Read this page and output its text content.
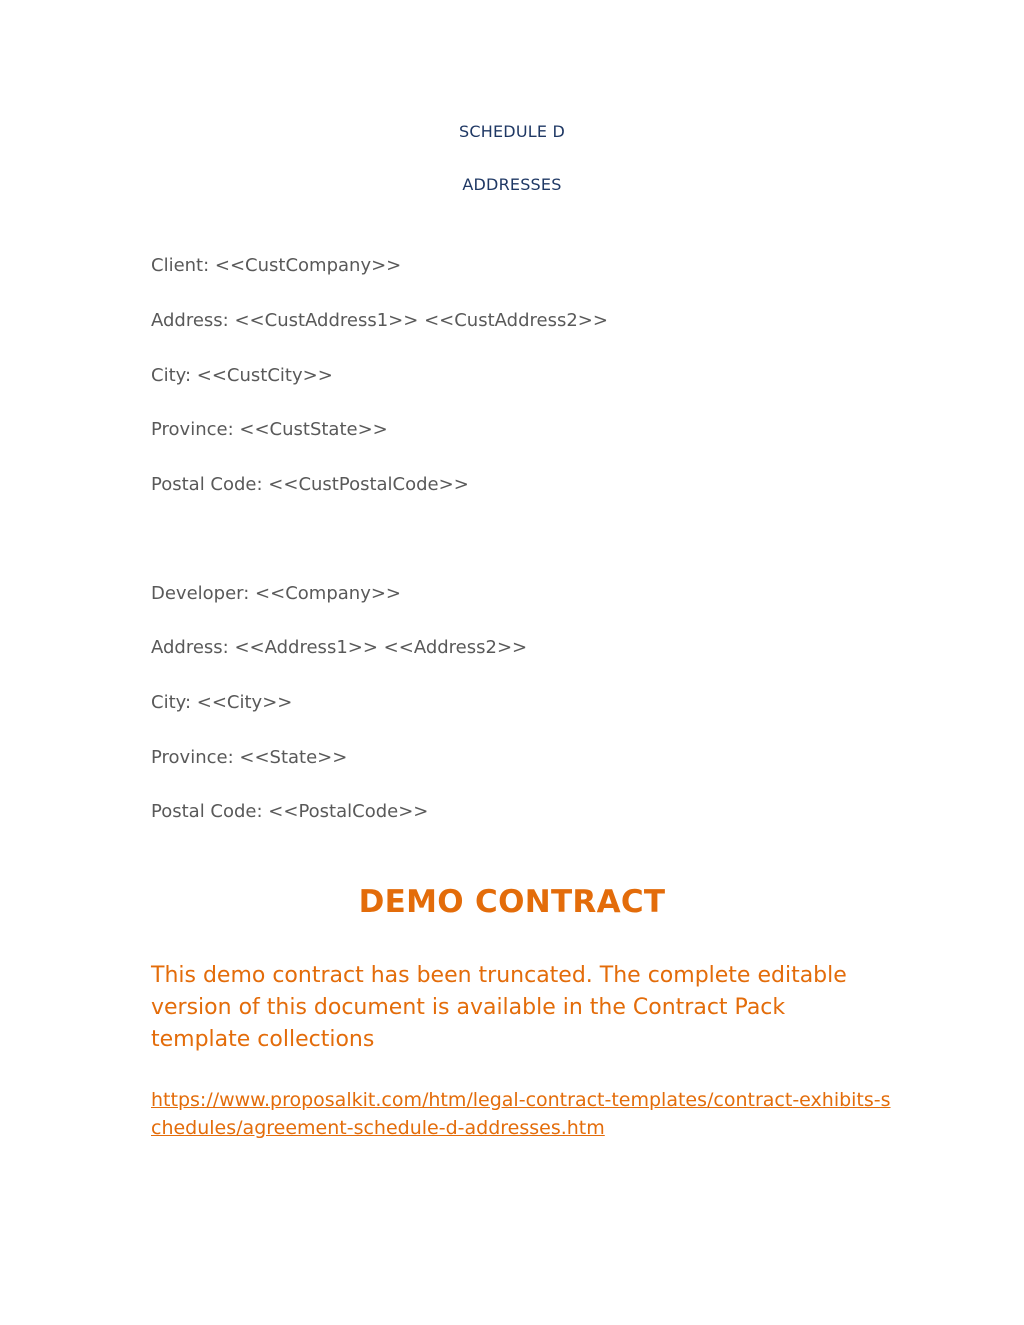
SCHEDULE D
ADDRESSES

Client: <<CustCompany>>

Address: <<CustAddress1>> <<CustAddress2>>

City: <<CustCity>>

Province: <<CustState>>

Postal Code: <<CustPostalCode>>

Developer: <<Company>>

Address: <<Address1>> <<Address2>>

City: <<City>>

Province: <<State>>

Postal Code: <<PostalCode>>

DEMO CONTRACT

This demo contract has been truncated. The complete editable version of this document is available in the Contract Pack template collections

https://www.proposalkit.com/htm/legal-contract-templates/contract-exhibits-schedules/agreement-schedule-d-addresses.htm
